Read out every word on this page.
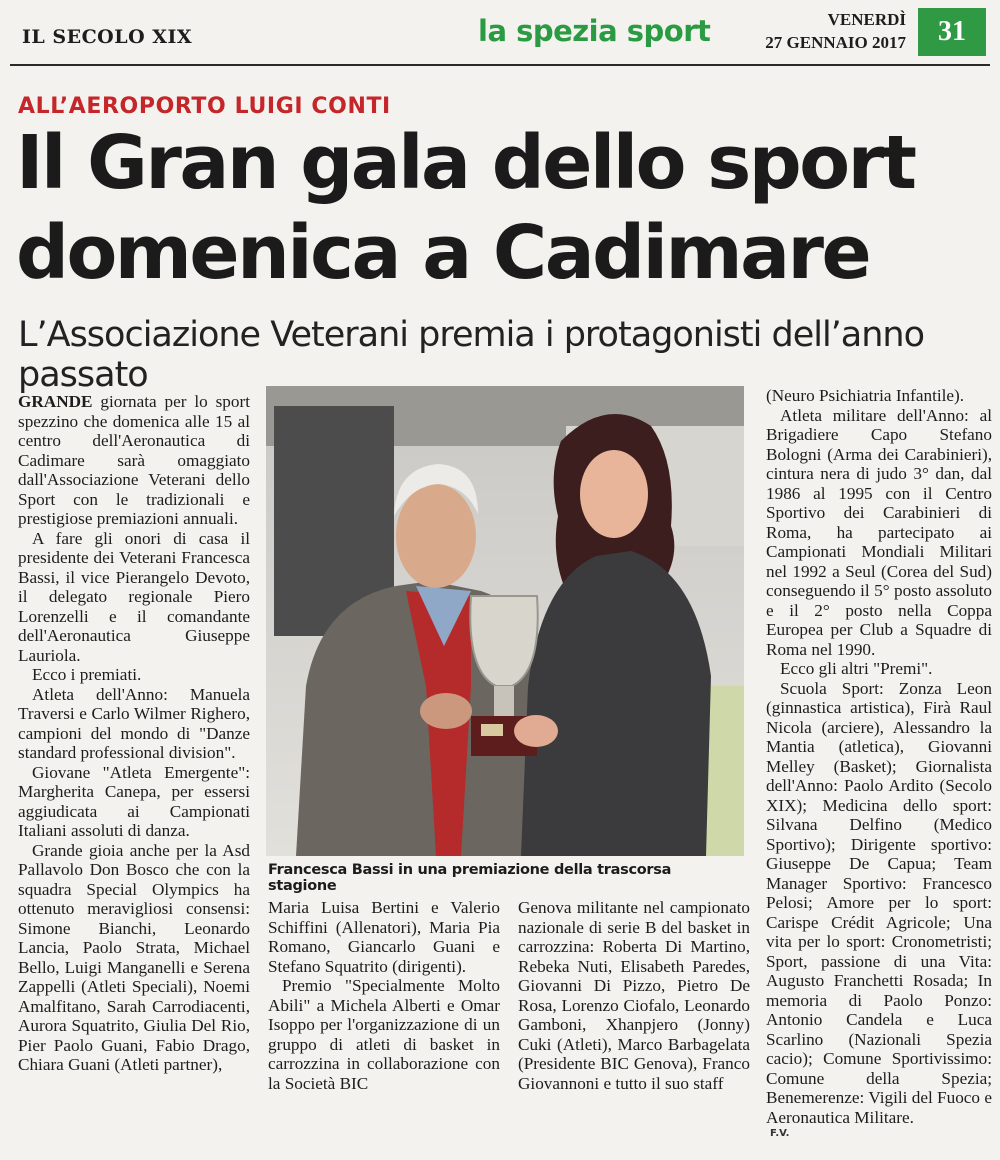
IL SECOLO XIX	la spezia sport	VENERDÌ
27 GENNAIO 2017	31
ALL’AEROPORTO LUIGI CONTI
Il Gran gala dello sport
domenica a Cadimare
L’Associazione Veterani premia i protagonisti dell’anno passato

GRANDE giornata per lo sport spezzino che domenica alle 15 al centro dell'Aeronautica di Cadimare sarà omaggiato dall'Associazione Veterani dello Sport con le tradizionali e prestigiose premiazioni annuali.

A fare gli onori di casa il presidente dei Veterani Francesca Bassi, il vice Pierangelo Devoto, il delegato regionale Piero Lorenzelli e il comandante dell'Aeronautica Giuseppe Lauriola.

Ecco i premiati.

Atleta dell'Anno: Manuela Traversi e Carlo Wilmer Righero, campioni del mondo di "Danze standard professional division".

Giovane "Atleta Emergente": Margherita Canepa, per essersi aggiudicata ai Campionati Italiani assoluti di danza.

Grande gioia anche per la Asd Pallavolo Don Bosco che con la squadra Special Olympics ha ottenuto meravigliosi consensi: Simone Bianchi, Leonardo Lancia, Paolo Strata, Michael Bello, Luigi Manganelli e Serena Zappelli (Atleti Speciali), Noemi Amalfitano, Sarah Carrodiacenti, Aurora Squatrito, Giulia Del Rio, Pier Paolo Guani, Fabio Drago, Chiara Guani (Atleti partner),

Francesca Bassi in una premiazione della trascorsa stagione

Maria Luisa Bertini e Valerio Schiffini (Allenatori), Maria Pia Romano, Giancarlo Guani e Stefano Squatrito (dirigenti).

Premio "Specialmente Molto Abili" a Michela Alberti e Omar Isoppo per l'organizzazione di un gruppo di atleti di basket in carrozzina in collaborazione con la Società BIC

Genova militante nel campionato nazionale di serie B del basket in carrozzina: Roberta Di Martino, Rebeka Nuti, Elisabeth Paredes, Giovanni Di Pizzo, Pietro De Rosa, Lorenzo Ciofalo, Leonardo Gamboni, Xhanpjero (Jonny) Cuki (Atleti), Marco Barbagelata (Presidente BIC Genova), Franco Giovannoni e tutto il suo staff

(Neuro Psichiatria Infantile).

Atleta militare dell'Anno: al Brigadiere Capo Stefano Bologni (Arma dei Carabinieri), cintura nera di judo 3° dan, dal 1986 al 1995 con il Centro Sportivo dei Carabinieri di Roma, ha partecipato ai Campionati Mondiali Militari nel 1992 a Seul (Corea del Sud) conseguendo il 5° posto assoluto e il 2° posto nella Coppa Europea per Club a Squadre di Roma nel 1990.

Ecco gli altri "Premi".

Scuola Sport: Zonza Leon (ginnastica artistica), Firà Raul Nicola (arciere), Alessandro la Mantia (atletica), Giovanni Melley (Basket); Giornalista dell'Anno: Paolo Ardito (Secolo XIX); Medicina dello sport: Silvana Delfino (Medico Sportivo); Dirigente sportivo: Giuseppe De Capua; Team Manager Sportivo: Francesco Pelosi; Amore per lo sport: Carispe Crédit Agricole; Una vita per lo sport: Cronometristi; Sport, passione di una Vita: Augusto Franchetti Rosada; In memoria di Paolo Ponzo: Antonio Candela e Luca Scarlino (Nazionali Spezia cacio); Comune Sportivissimo: Comune della Spezia; Benemerenze: Vigili del Fuoco e Aeronautica Militare.

F.V.
